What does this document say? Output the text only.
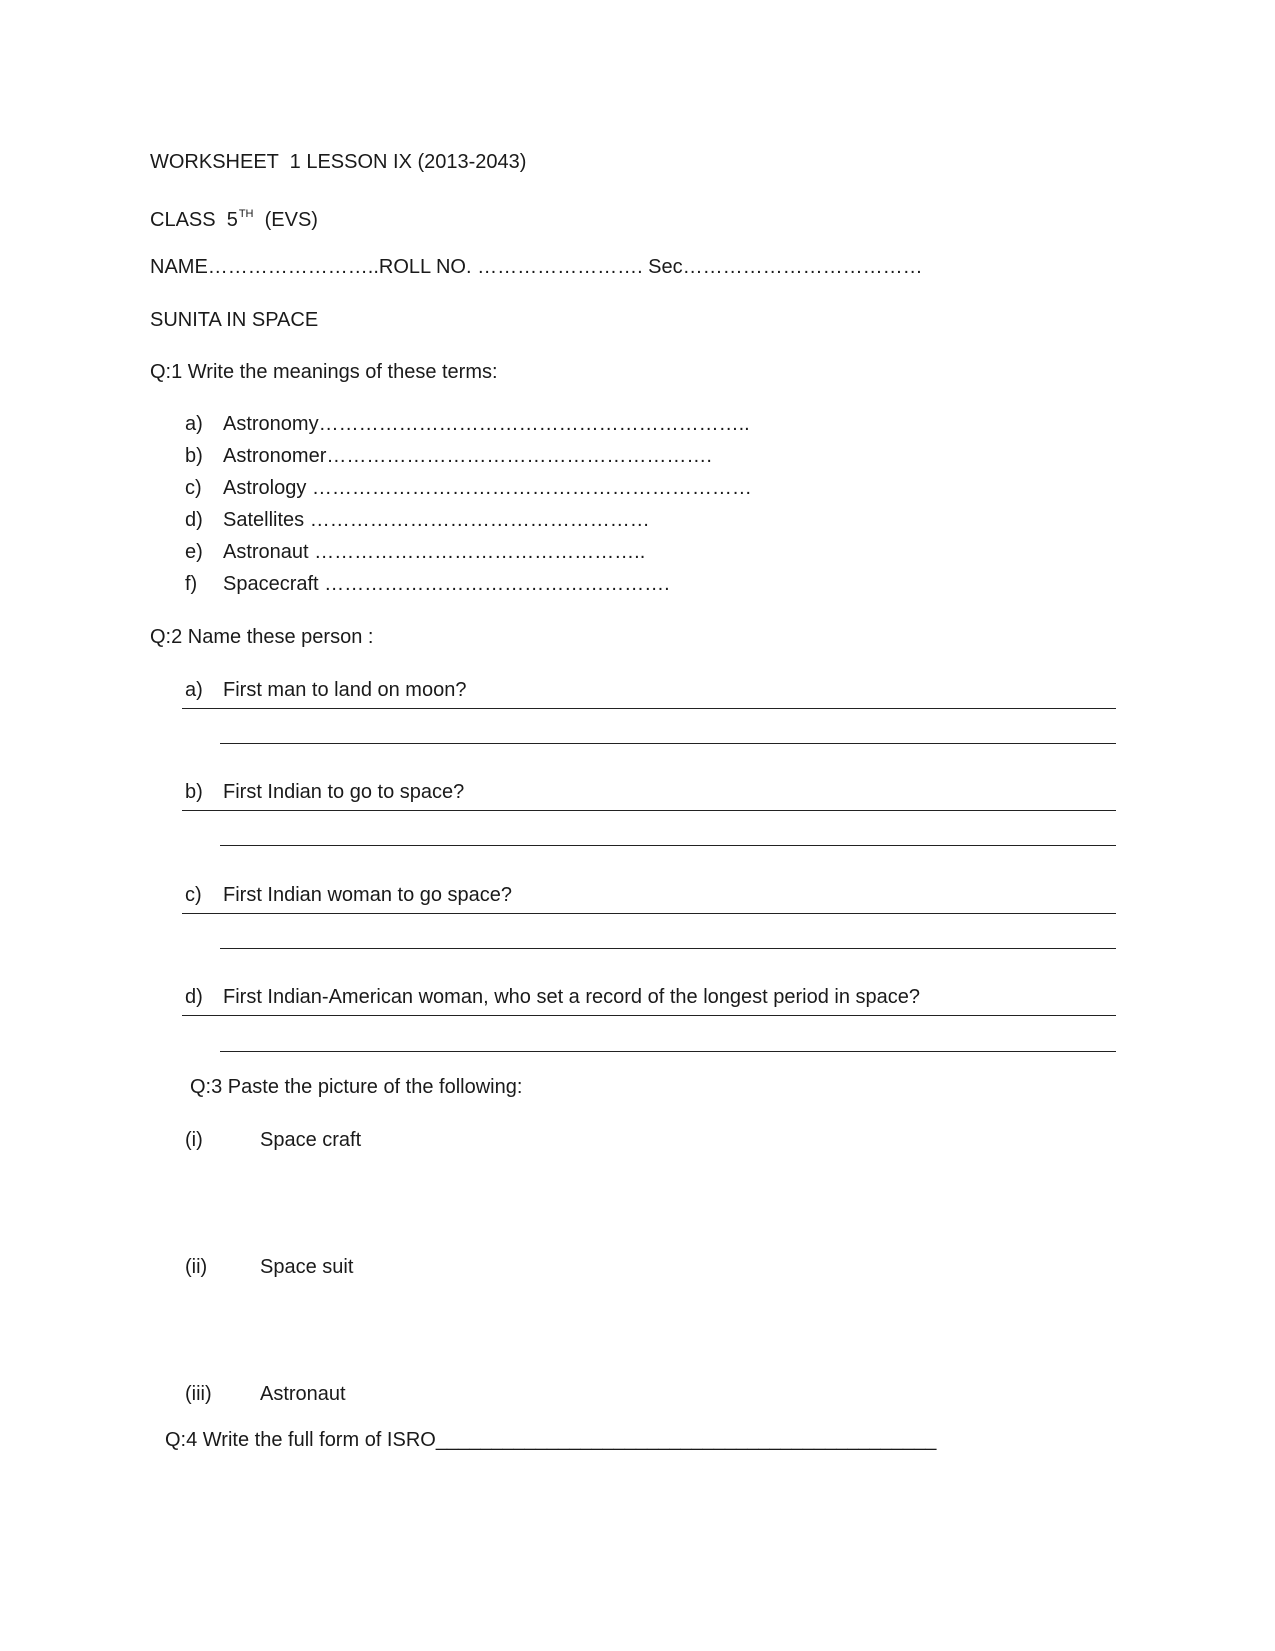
WORKSHEET  1 LESSON IX (2013-2043)
CLASS  5TH  (EVS)
NAME……………………..ROLL NO. ……………………. Sec………………………………
SUNITA IN SPACE
Q:1 Write the meanings of these terms:
a) Astronomy………………………………………………………..
b) Astronomer………………………………………………….
c) Astrology …………………………………………………………
d) Satellites ……………………………………………
e) Astronaut …………………………………………..
f) Spacecraft …………………………………………….
Q:2 Name these person :
a) First man to land on moon?
b) First Indian to go to space?
c) First Indian woman to go space?
d) First Indian-American woman, who set a record of the longest period in space?
Q:3 Paste the picture of the following:
(i)	Space craft
(ii)	Space suit
(iii) Astronaut
Q:4 Write the full form of ISRO_____________________________________________
